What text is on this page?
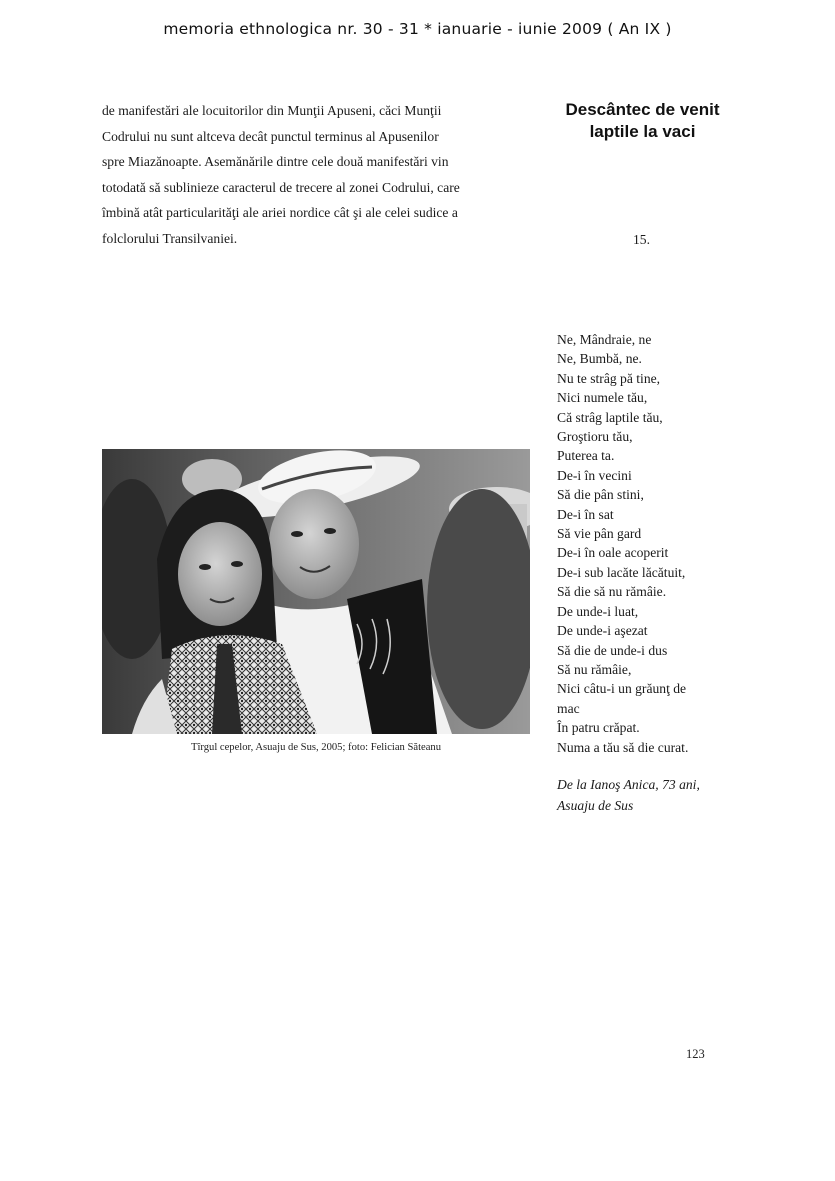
memoria ethnologica nr. 30 - 31 * ianuarie - iunie 2009 ( An IX )

de manifestări ale locuitorilor din Munţii Apuseni, căci Munţii

Codrului nu sunt altceva decât punctul terminus al Apusenilor

spre Miazănoapte. Asemănările dintre cele două manifestări vin

totodată să sublinieze caracterul de trecere al zonei Codrului, care

îmbină atât particularităţi ale ariei nordice cât şi ale celei sudice a

folclorului Transilvaniei.

Descântec de venit
laptile la vaci
15.
Ne, Mândraie, ne
Ne, Bumbă, ne.
Nu te strâg pă tine,
Nici numele tău,
Că strâg laptile tău,
Groştioru tău,
Puterea ta.
De-i în vecini
Să die pân stini,
De-i în sat
Să vie pân gard
De-i în oale acoperit
De-i sub lacăte lăcătuit,
Să die să nu rămâie.
De unde-i luat,
De unde-i aşezat
Să die de unde-i dus
Să nu rămâie,
Nici câtu-i un grăunţ de
mac
În patru crăpat.
Numa a tău să die curat.
De la Ianoş Anica, 73 ani,
Asuaju de Sus
Tîrgul cepelor, Asuaju de Sus, 2005; foto: Felician Săteanu
123
